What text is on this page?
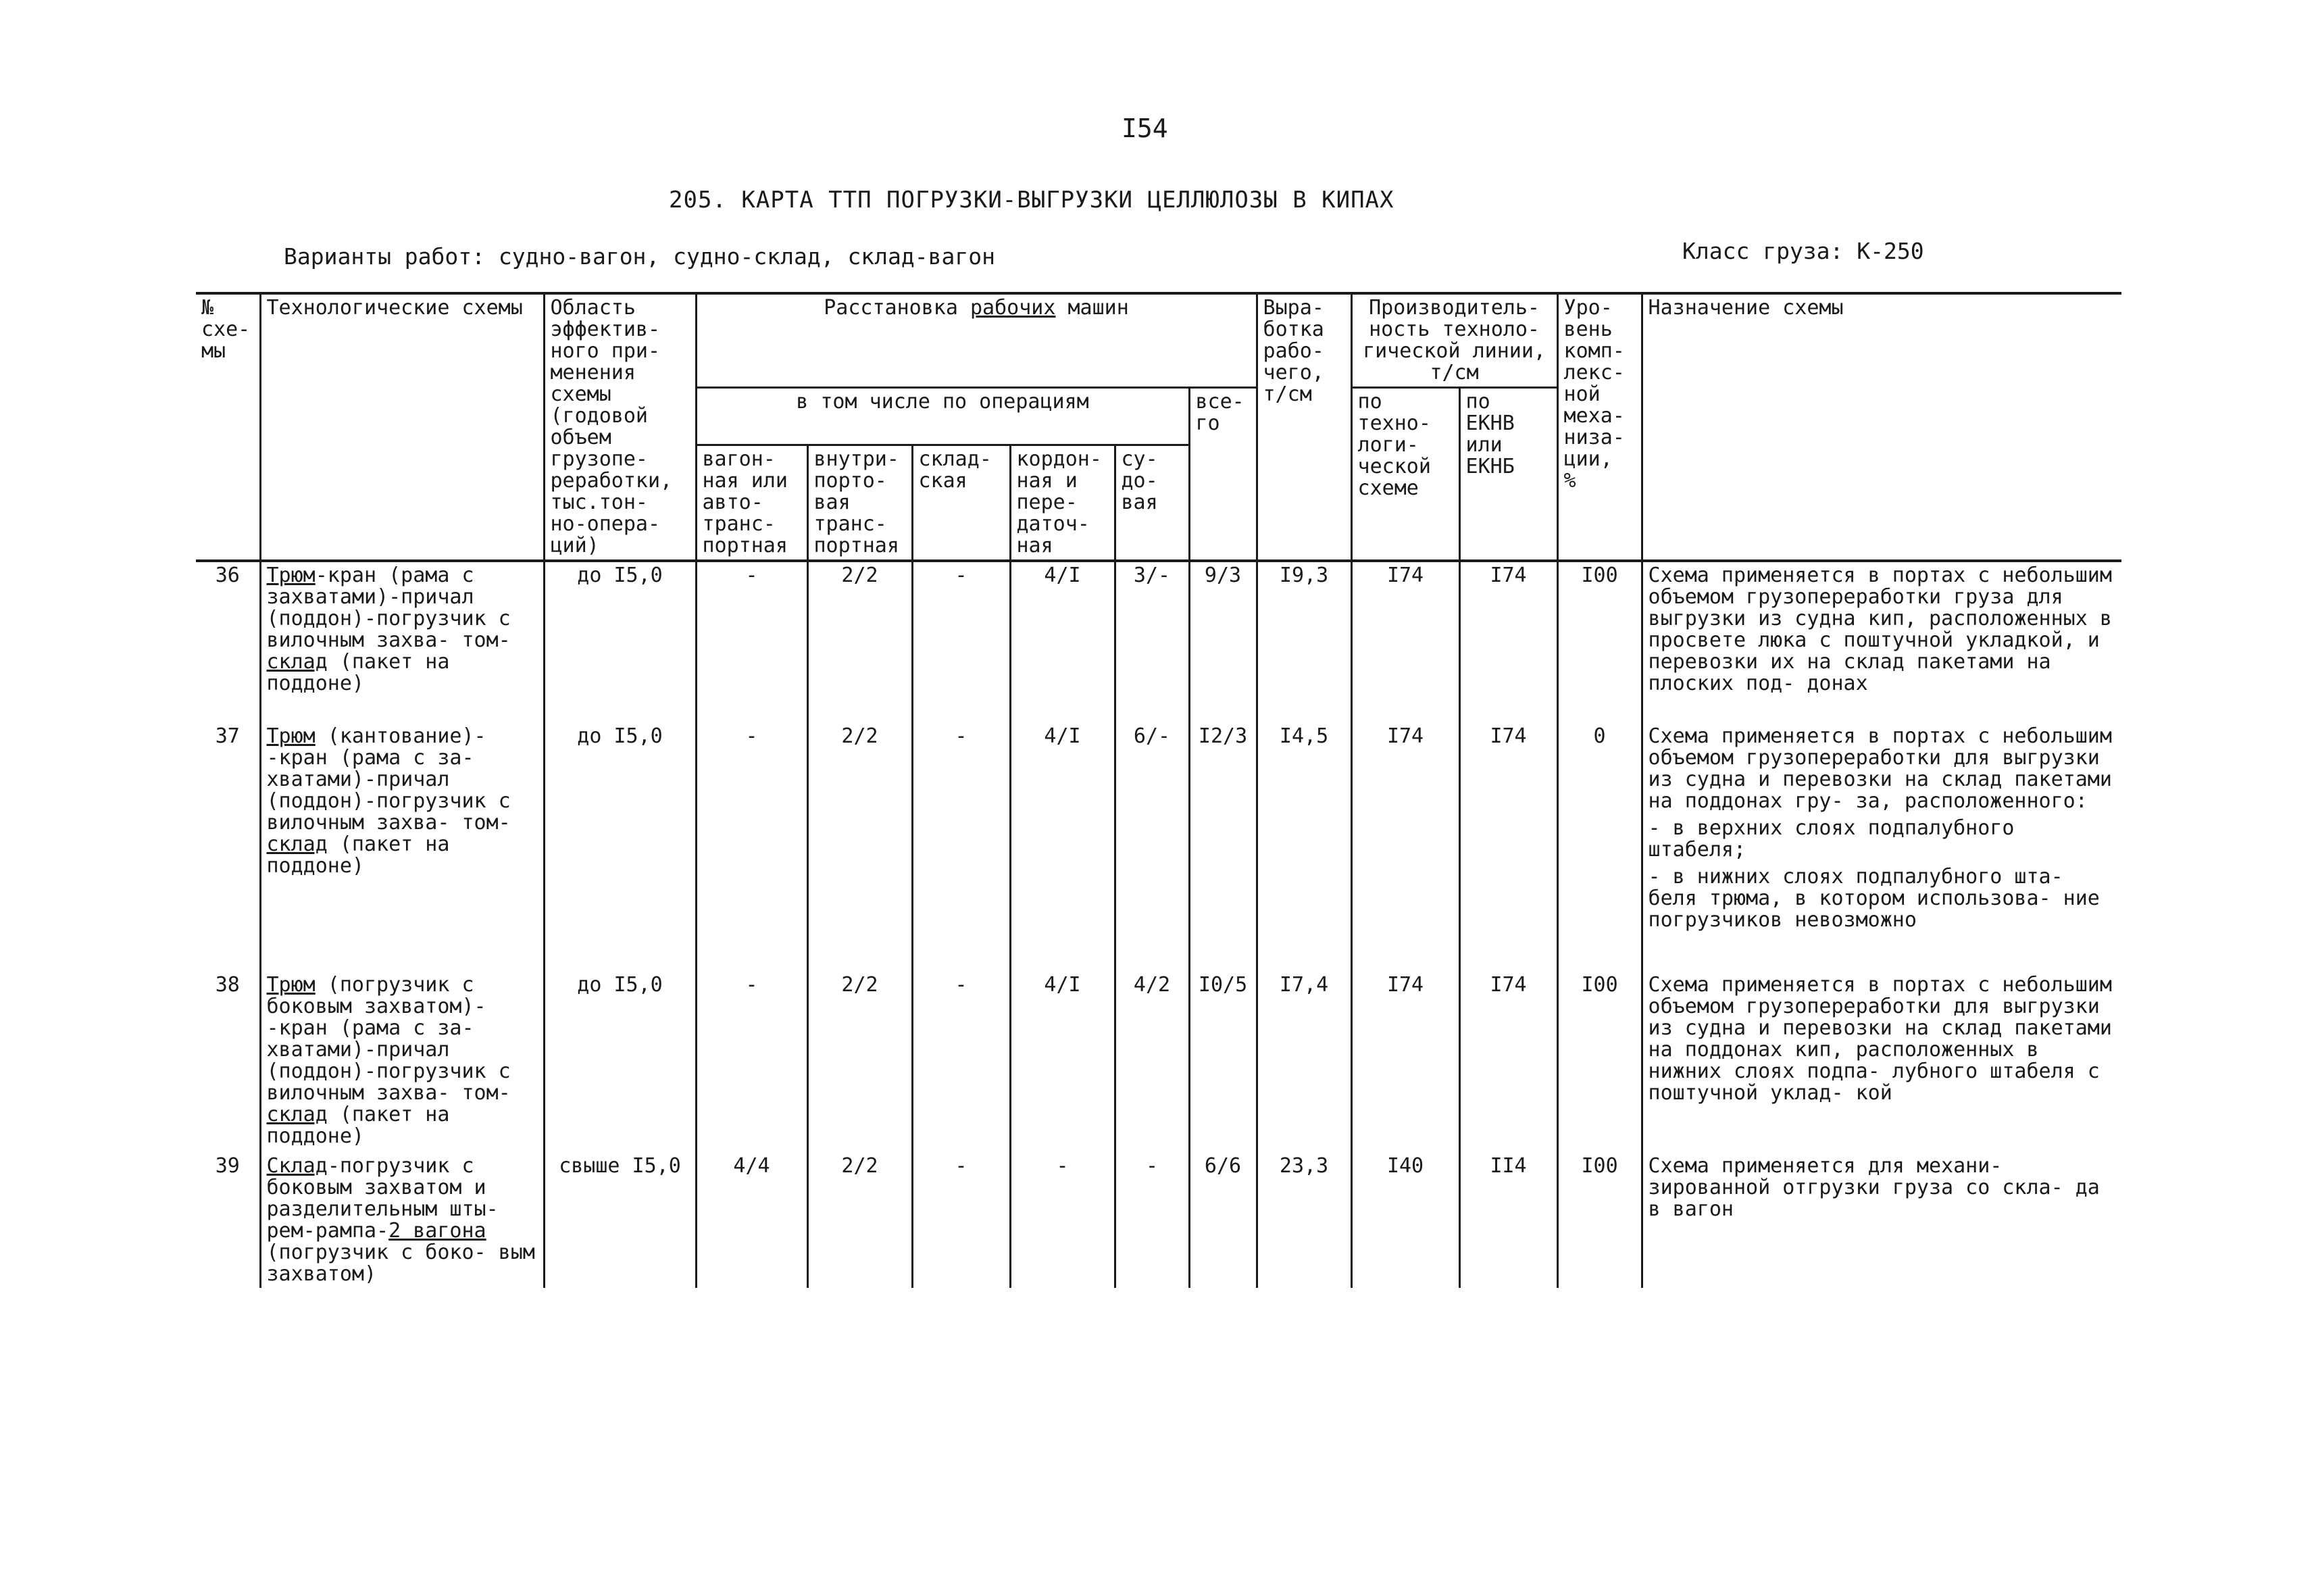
I54
205. КАРТА ТТП ПОГРУЗКИ-ВЫГРУЗКИ ЦЕЛЛЮЛОЗЫ В КИПАХ
Варианты работ: судно-вагон, судно-склад, склад-вагон	Класс груза: К-250
№ схе- мы	Технологические схемы	Область эффектив- ного при- менения схемы (годовой объем грузопе- реработки, тыс.тон- но-опера- ций)	Расстановка рабочих машин						Выра- ботка рабо- чего, т/см	Производитель- ность техноло- гической линии, т/см		Уро- вень комп- лекс- ной меха- низа- ции, %	Назначение схемы
			в том числе по операциям					все- го		по техно- логи- ческой схеме	по ЕКНВ или ЕКНБ		
			вагон- ная или авто- транс- портная	внутри- порто- вая транс- портная	склад- ская	кордон- ная и пере- даточ- ная	су- до- вая						
36	Трюм-кран (рама с захватами)-причал (поддон)-погрузчик с вилочным захва- том-склад (пакет на поддоне)	до I5,0	-	2/2	-	4/I	3/-	9/3	I9,3	I74	I74	I00	Схема применяется в портах с небольшим объемом грузопереработки груза для выгрузки из судна кип, расположенных в просвете люка с поштучной укладкой, и перевозки их на склад пакетами на плоских под- донах
37	Трюм (кантование)- -кран (рама с за- хватами)-причал (поддон)-погрузчик с вилочным захва- том-склад (пакет на поддоне)	до I5,0	-	2/2	-	4/I	6/-	I2/3	I4,5	I74	I74	0	Схема применяется в портах с небольшим объемом грузопереработки для выгрузки из судна и перевозки на склад пакетами на поддонах гру- за, расположенного:
- в верхних слоях подпалубного штабеля;
- в нижних слоях подпалубного шта- беля трюма, в котором использова- ние погрузчиков невозможно

38	Трюм (погрузчик с боковым захватом)- -кран (рама с за- хватами)-причал (поддон)-погрузчик с вилочным захва- том-склад (пакет на поддоне)	до I5,0	-	2/2	-	4/I	4/2	I0/5	I7,4	I74	I74	I00	Схема применяется в портах с небольшим объемом грузопереработки для выгрузки из судна и перевозки на склад пакетами на поддонах кип, расположенных в нижних слоях подпа- лубного штабеля с поштучной уклад- кой
39	Склад-погрузчик с боковым захватом и разделительным шты- рем-рампа-2 вагона (погрузчик с боко- вым захватом)	свыше I5,0	4/4	2/2	-	-	-	6/6	23,3	I40	II4	I00	Схема применяется для механи- зированной отгрузки груза со скла- да в вагон
